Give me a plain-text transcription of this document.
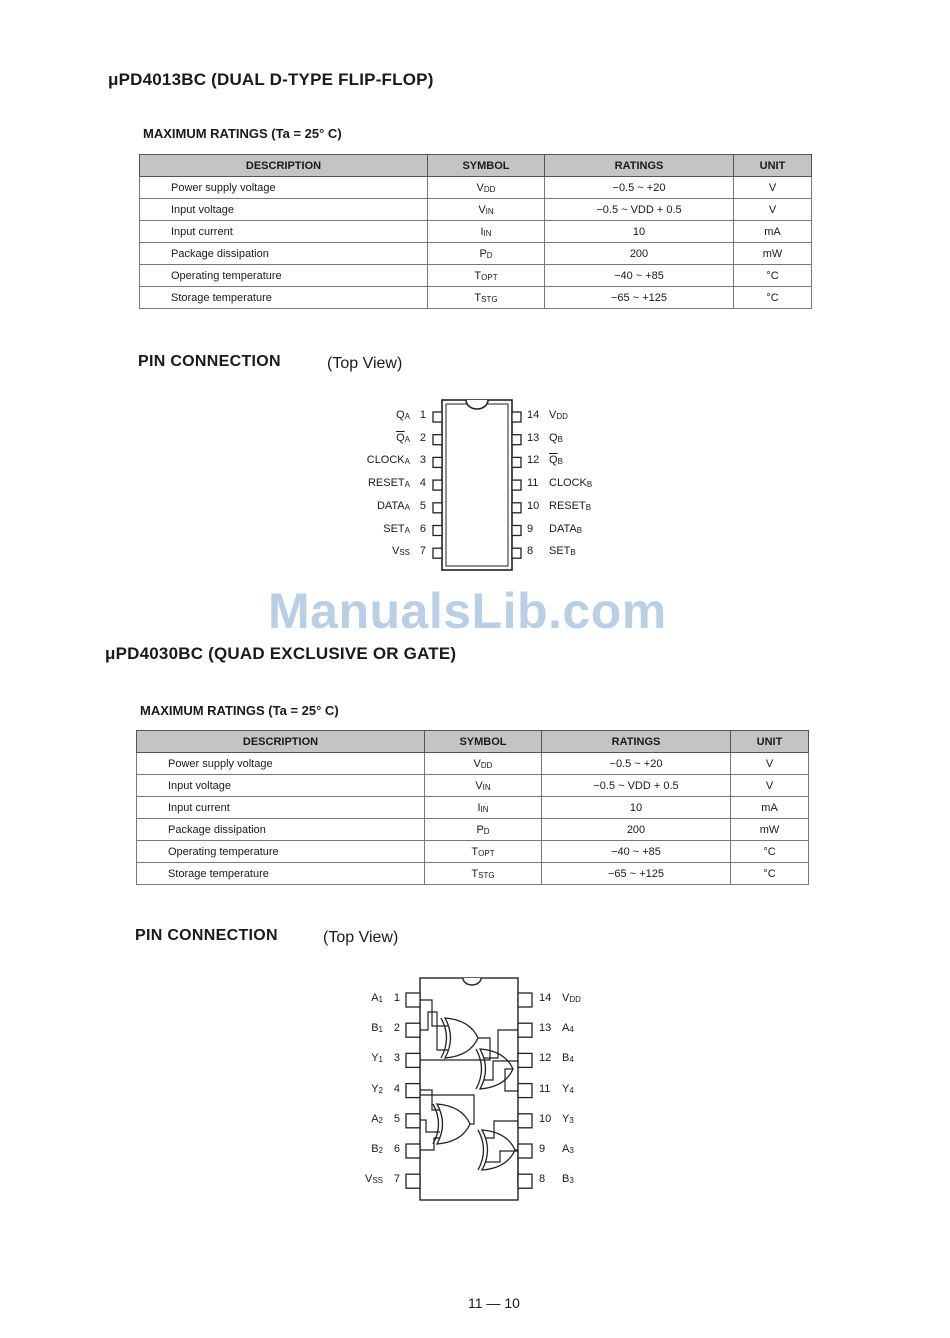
μPD4013BC (DUAL D-TYPE FLIP-FLOP)
MAXIMUM RATINGS (Ta = 25° C)
DESCRIPTION	SYMBOL	RATINGS	UNIT
Power supply voltage	VDD	−0.5 ~ +20	V
Input voltage	VIN	−0.5 ~ VDD + 0.5	V
Input current	IIN	10	mA
Package dissipation	PD	200	mW
Operating temperature	TOPT	−40 ~ +85	°C
Storage temperature	TSTG	−65 ~ +125	°C
PIN CONNECTION	(Top View)
1
QA
2
$\overline{Q}A$
3
CLOCKA
4
RESETA
5
DATAA
6
SETA
7
VSS
14 VDD
13 QB
12 $\overline{Q}B$
11 CLOCKB
10 RESETB
9 DATAB
8 SETB
ManualsLib.com
μPD4030BC (QUAD EXCLUSIVE OR GATE)
MAXIMUM RATINGS (Ta = 25° C)
DESCRIPTION	SYMBOL	RATINGS	UNIT
Power supply voltage	VDD	−0.5 ~ +20	V
Input voltage	VIN	−0.5 ~ VDD + 0.5	V
Input current	IIN	10	mA
Package dissipation	PD	200	mW
Operating temperature	TOPT	−40 ~ +85	°C
Storage temperature	TSTG	−65 ~ +125	°C
PIN CONNECTION	(Top View)
1
A1
2
B1
3
Y1
4
Y2
5
A2
6
B2
7
VSS
14 VDD
13 A4
12 B4
11 Y4
10 Y3
9 A3
8 B3
11 — 10
